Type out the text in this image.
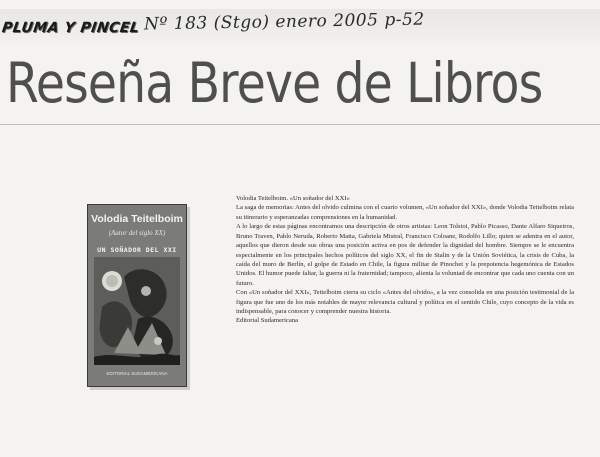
PLUMA Y PINCEL Nº 183 (Stgo) enero 2005 p-52
Reseña Breve de Libros
Volodia Teitelboim
(Autor del siglo XX)
UN SOÑADOR DEL XXI
EDITORIAL SUDAMERICANA

Volodia Teitelboim. «Un soñador del XXI»

La saga de memorias: Antes del olvido culmina con el cuarto volumen, «Un soñador del XXI», donde Volodia Teitelboim relata su itinerario y esperanzadas comprensiones en la humanidad.

A lo largo de estas páginas encontramos una descripción de otros artistas: Leon Tolstoi, Pablo Picasso, Dante Alfaro Siqueiros, Bruno Traven, Pablo Neruda, Roberto Matta, Gabriela Mistral, Francisco Coloane, Rodolfo Lillo; quien se adentra en el autor, aquellos que dieron desde sus obras una posición activa en pos de defender la dignidad del hombre. Siempre se le encuentra especialmente en los principales hechos políticos del siglo XX, el fin de Stalin y de la Unión Soviética, la crisis de Cuba, la caída del muro de Berlín, el golpe de Estado en Chile, la figura militar de Pinochet y la prepotencia hegemónica de Estados Unidos. El humor puede faltar, la guerra ni la fraternidad; tampoco, alienta la voluntad de encontrar que cada uno cuenta con un futuro.

Con «Un soñador del XXI», Teitelboim cierra su ciclo «Antes del olvido», a la vez consolida en una posición testimonial de la figura que fue uno de los más notables de mayor relevancia cultural y política en el sentido Chile, cuyo concepto de la vida es indispensable, para conocer y comprender nuestra historia.

Editorial Sudamericana
